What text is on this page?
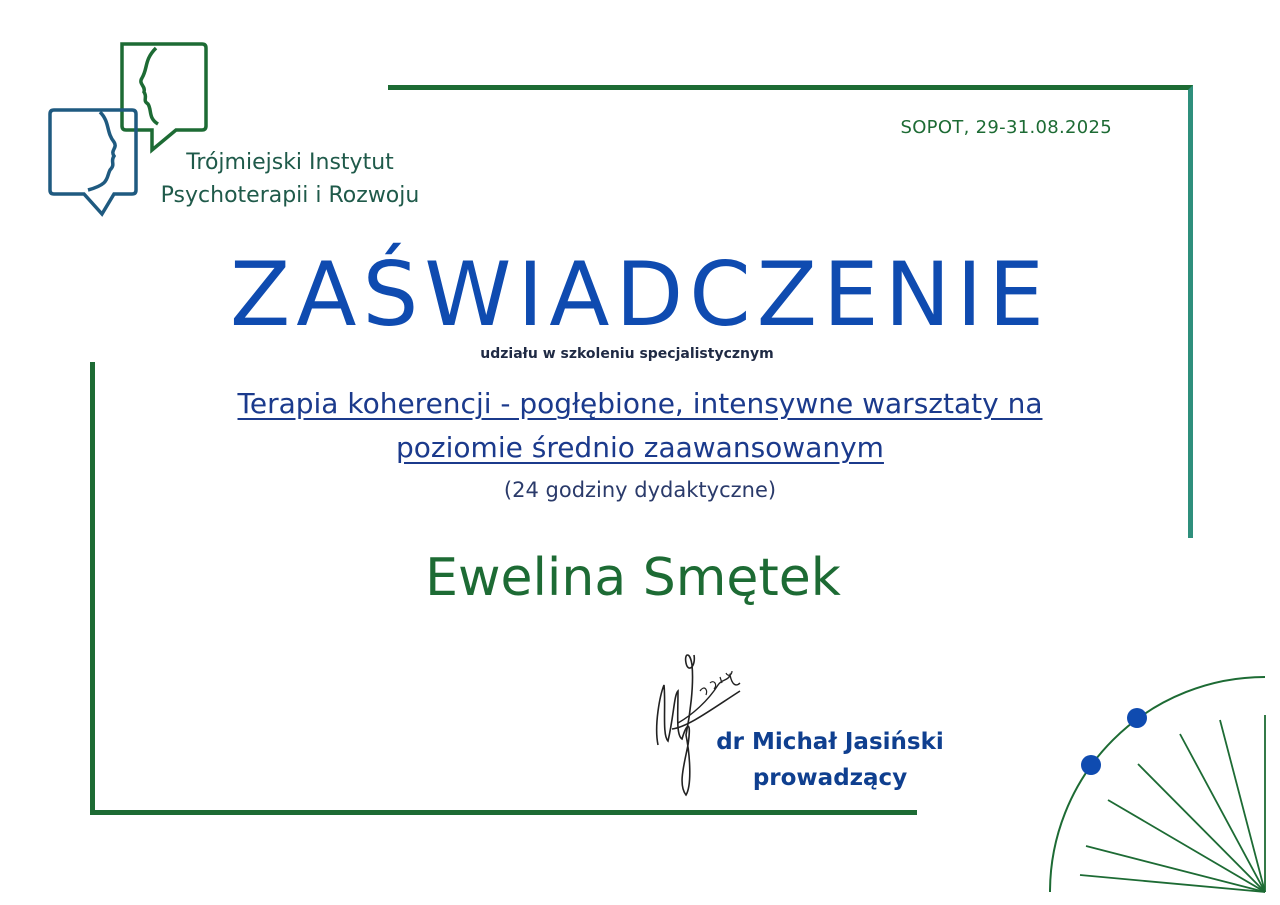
Trójmiejski Instytut
Psychoterapii i Rozwoju
SOPOT, 29-31.08.2025
ZAŚWIADCZENIE
udziału w szkoleniu specjalistycznym
Terapia koherencji - pogłębione, intensywne warsztaty na
poziomie średnio zaawansowanym
(24 godziny dydaktyczne)
Ewelina Smętek
dr Michał Jasiński
prowadzący
